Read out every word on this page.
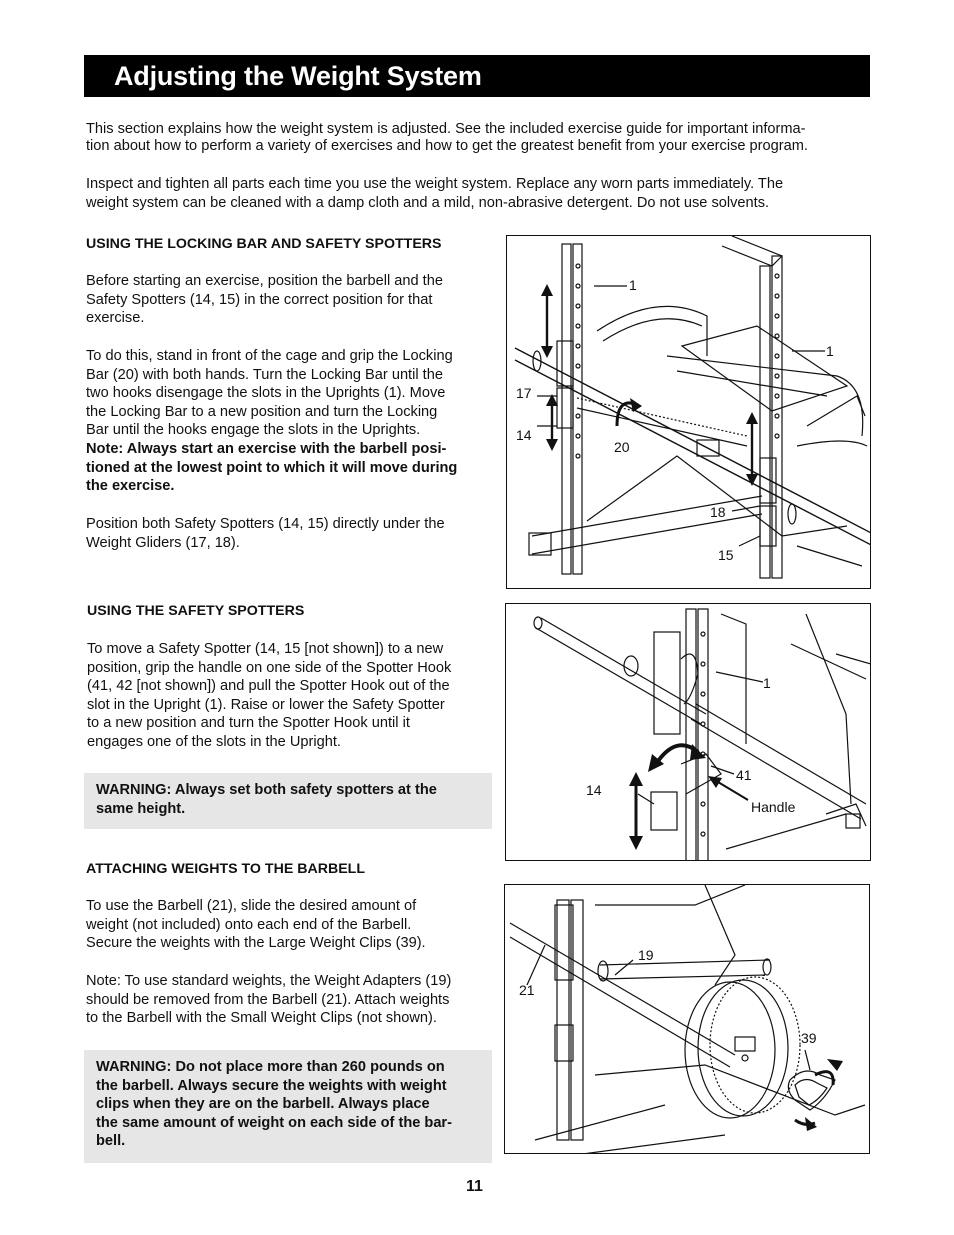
Adjusting the Weight System

This section explains how the weight system is adjusted. See the included exercise guide for important informa-

tion about how to perform a variety of exercises and how to get the greatest benefit from your exercise program.

Inspect and tighten all parts each time you use the weight system. Replace any worn parts immediately. The

weight system can be cleaned with a damp cloth and a mild, non-abrasive detergent. Do not use solvents.

USING THE LOCKING BAR AND SAFETY SPOTTERS

Before starting an exercise, position the barbell and the
Safety Spotters (14, 15) in the correct position for that
exercise.
To do this, stand in front of the cage and grip the Locking
Bar (20) with both hands. Turn the Locking Bar until the
two hooks disengage the slots in the Uprights (1). Move
the Locking Bar to a new position and turn the Locking
Bar until the hooks engage the slots in the Uprights.
Note: Always start an exercise with the barbell posi-
tioned at the lowest point to which it will move during
the exercise.
Position both Safety Spotters (14, 15) directly under the
Weight Gliders (17, 18).

USING THE SAFETY SPOTTERS

To move a Safety Spotter (14, 15 [not shown]) to a new
position, grip the handle on one side of the Spotter Hook
(41, 42 [not shown]) and pull the Spotter Hook out of the
slot in the Upright (1). Raise or lower the Safety Spotter
to a new position and turn the Spotter Hook until it
engages one of the slots in the Upright.
WARNING: Always set both safety spotters at the
same height.

ATTACHING WEIGHTS TO THE BARBELL

To use the Barbell (21), slide the desired amount of
weight (not included) onto each end of the Barbell.
Secure the weights with the Large Weight Clips (39).
Note: To use standard weights, the Weight Adapters (19)
should be removed from the Barbell (21). Attach weights
to the Barbell with the Small Weight Clips (not shown).
WARNING: Do not place more than 260 pounds on
the barbell. Always secure the weights with weight
clips when they are on the barbell. Always place
the same amount of weight on each side of the bar-
bell.
1
1
17
14
20
18
15
1
41
14
Handle
19
21
39
11
